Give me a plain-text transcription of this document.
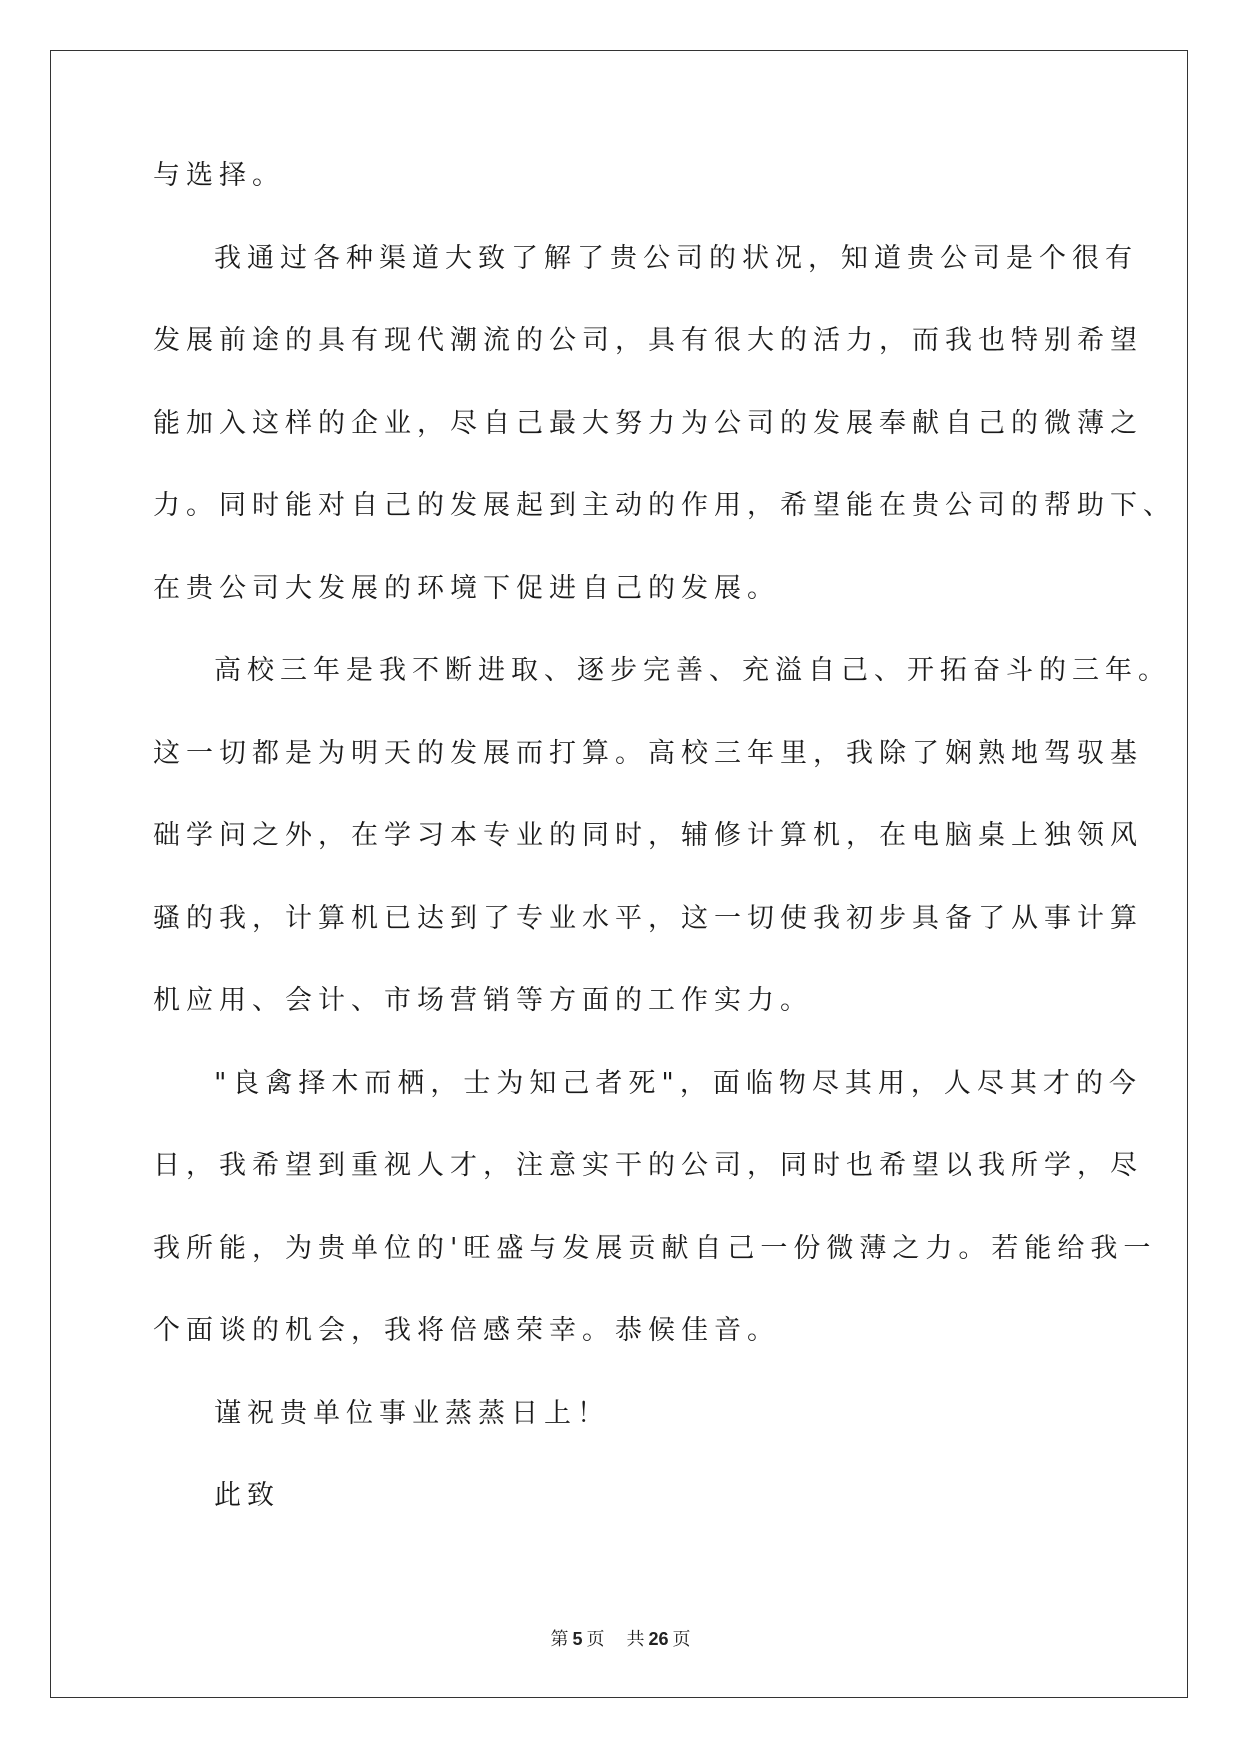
与选择。
我通过各种渠道大致了解了贵公司的状况，知道贵公司是个很有
发展前途的具有现代潮流的公司，具有很大的活力，而我也特别希望
能加入这样的企业，尽自己最大努力为公司的发展奉献自己的微薄之
力。同时能对自己的发展起到主动的作用，希望能在贵公司的帮助下、
在贵公司大发展的环境下促进自己的发展。
高校三年是我不断进取、逐步完善、充溢自己、开拓奋斗的三年。
这一切都是为明天的发展而打算。高校三年里，我除了娴熟地驾驭基
础学问之外，在学习本专业的同时，辅修计算机，在电脑桌上独领风
骚的我，计算机已达到了专业水平，这一切使我初步具备了从事计算
机应用、会计、市场营销等方面的工作实力。
"良禽择木而栖，士为知己者死"，面临物尽其用，人尽其才的今
日，我希望到重视人才，注意实干的公司，同时也希望以我所学，尽
我所能，为贵单位的'旺盛与发展贡献自己一份微薄之力。若能给我一
个面谈的机会，我将倍感荣幸。恭候佳音。
谨祝贵单位事业蒸蒸日上！
此致
第 5 页 共 26 页
